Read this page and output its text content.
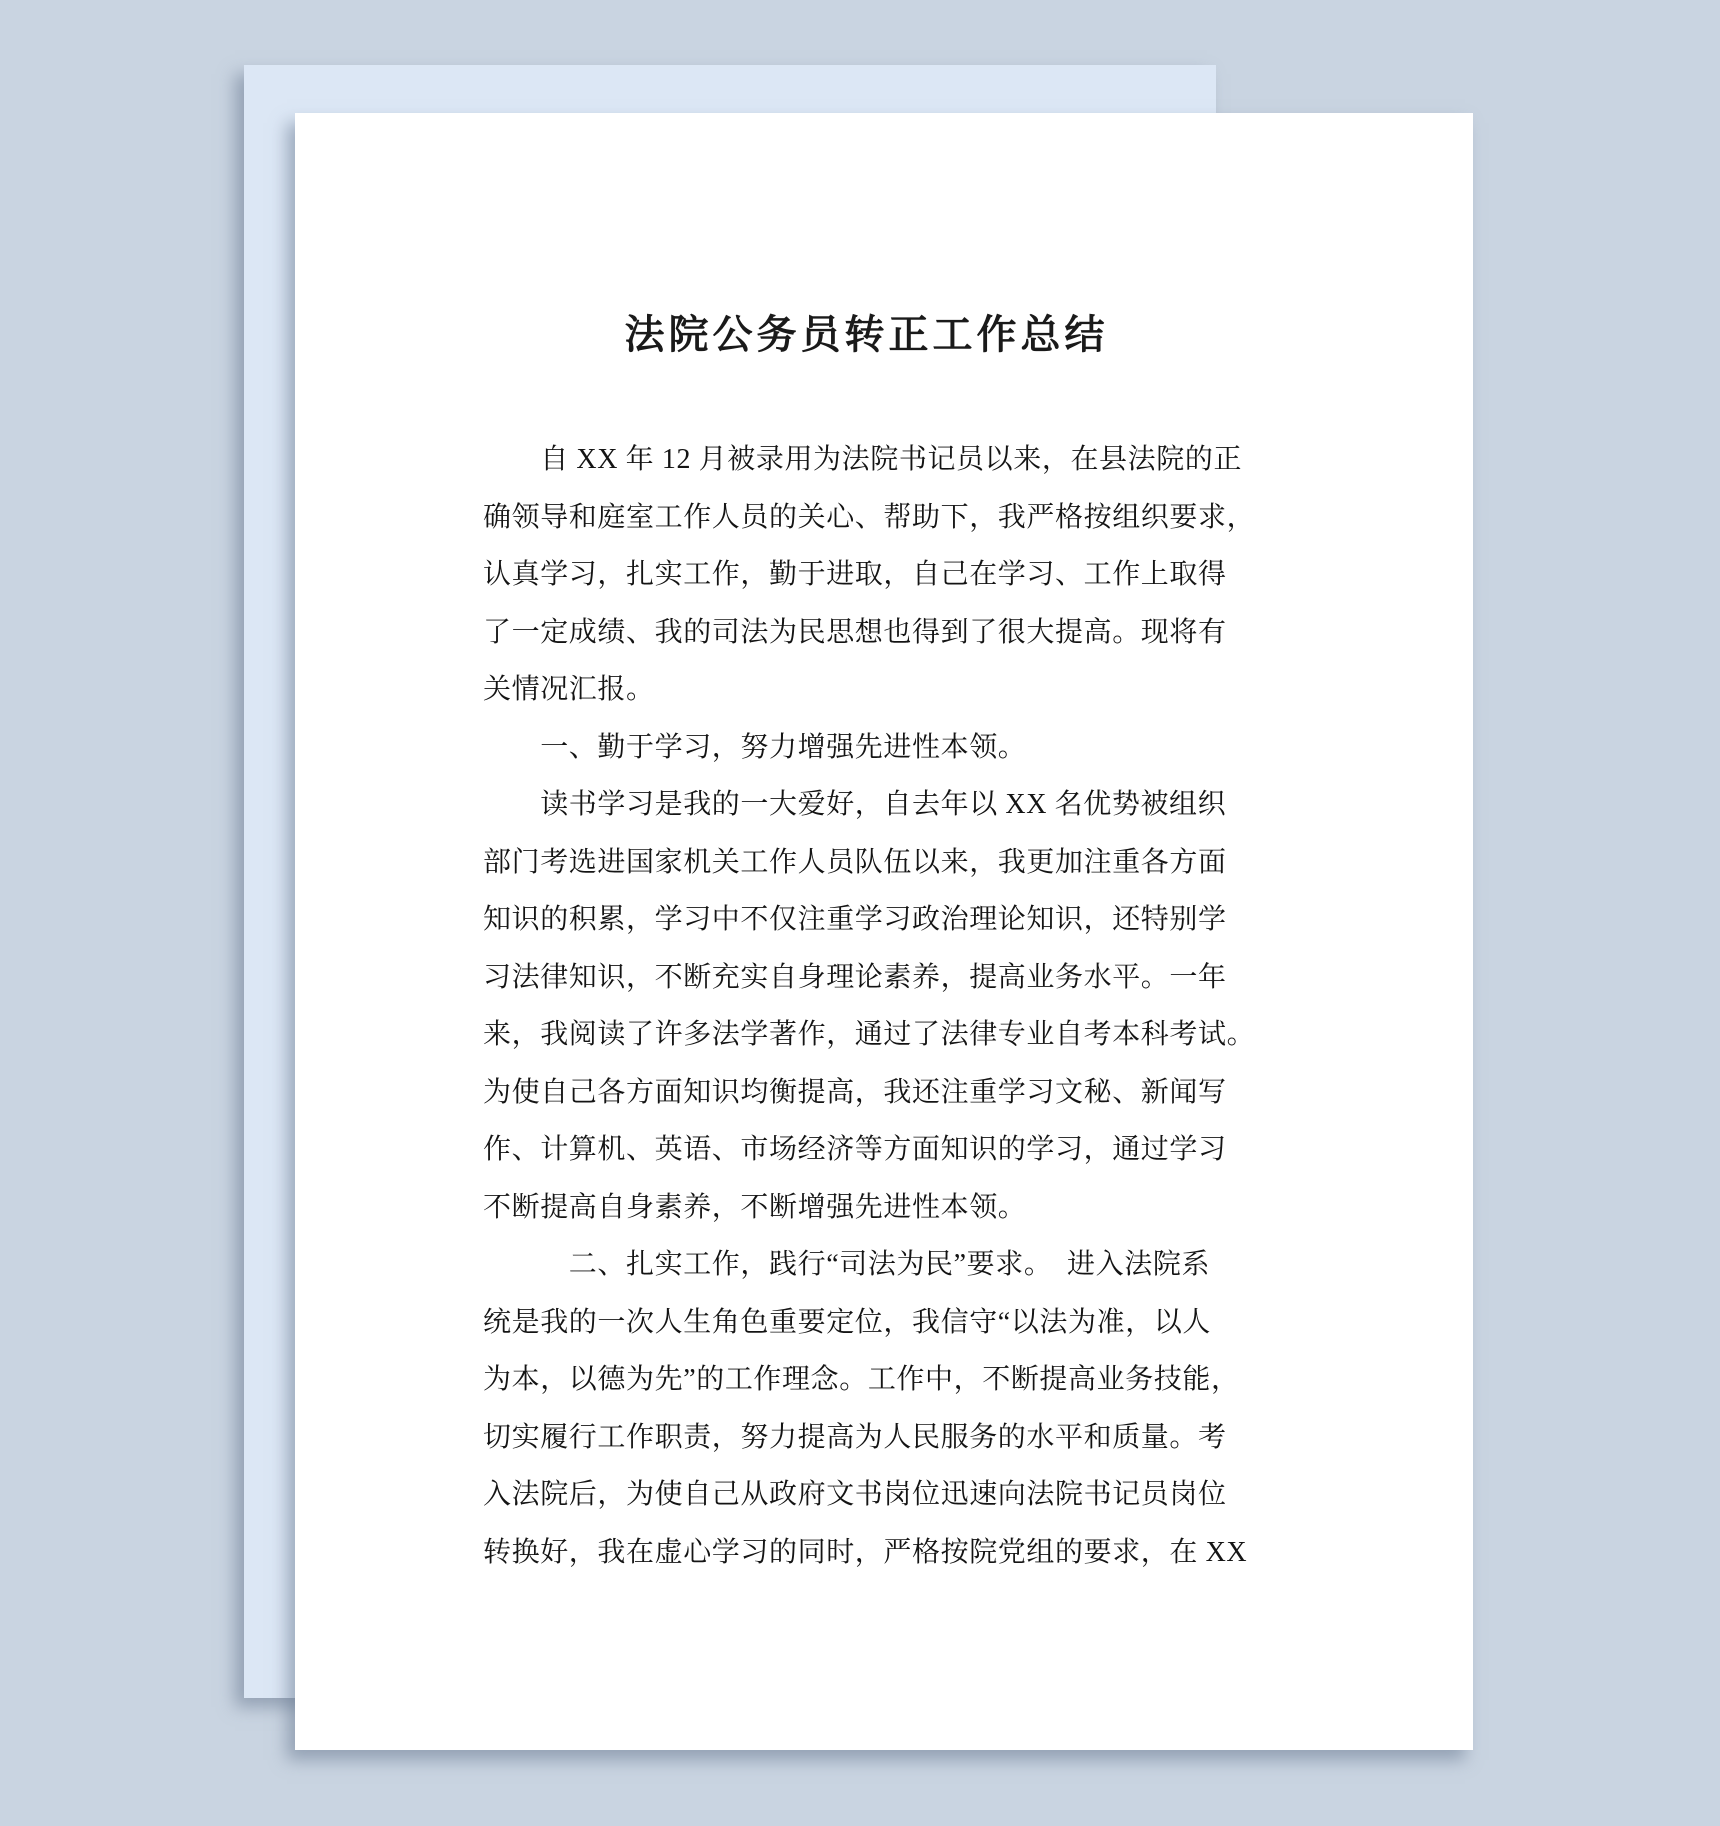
法院公务员转正工作总结
　　自 XX 年 12 月被录用为法院书记员以来，在县法院的正
确领导和庭室工作人员的关心、帮助下，我严格按组织要求，
认真学习，扎实工作，勤于进取，自己在学习、工作上取得
了一定成绩、我的司法为民思想也得到了很大提高。现将有
关情况汇报。
　　一、勤于学习，努力增强先进性本领。
　　读书学习是我的一大爱好，自去年以 XX 名优势被组织
部门考选进国家机关工作人员队伍以来，我更加注重各方面
知识的积累，学习中不仅注重学习政治理论知识，还特别学
习法律知识，不断充实自身理论素养，提高业务水平。一年
来，我阅读了许多法学著作，通过了法律专业自考本科考试。
为使自己各方面知识均衡提高，我还注重学习文秘、新闻写
作、计算机、英语、市场经济等方面知识的学习，通过学习
不断提高自身素养，不断增强先进性本领。
　　　二、扎实工作，践行“司法为民”要求。　进入法院系
统是我的一次人生角色重要定位，我信守“以法为准，以人
为本，以德为先”的工作理念。工作中，不断提高业务技能，
切实履行工作职责，努力提高为人民服务的水平和质量。考
入法院后，为使自己从政府文书岗位迅速向法院书记员岗位
转换好，我在虚心学习的同时，严格按院党组的要求，在 XX
